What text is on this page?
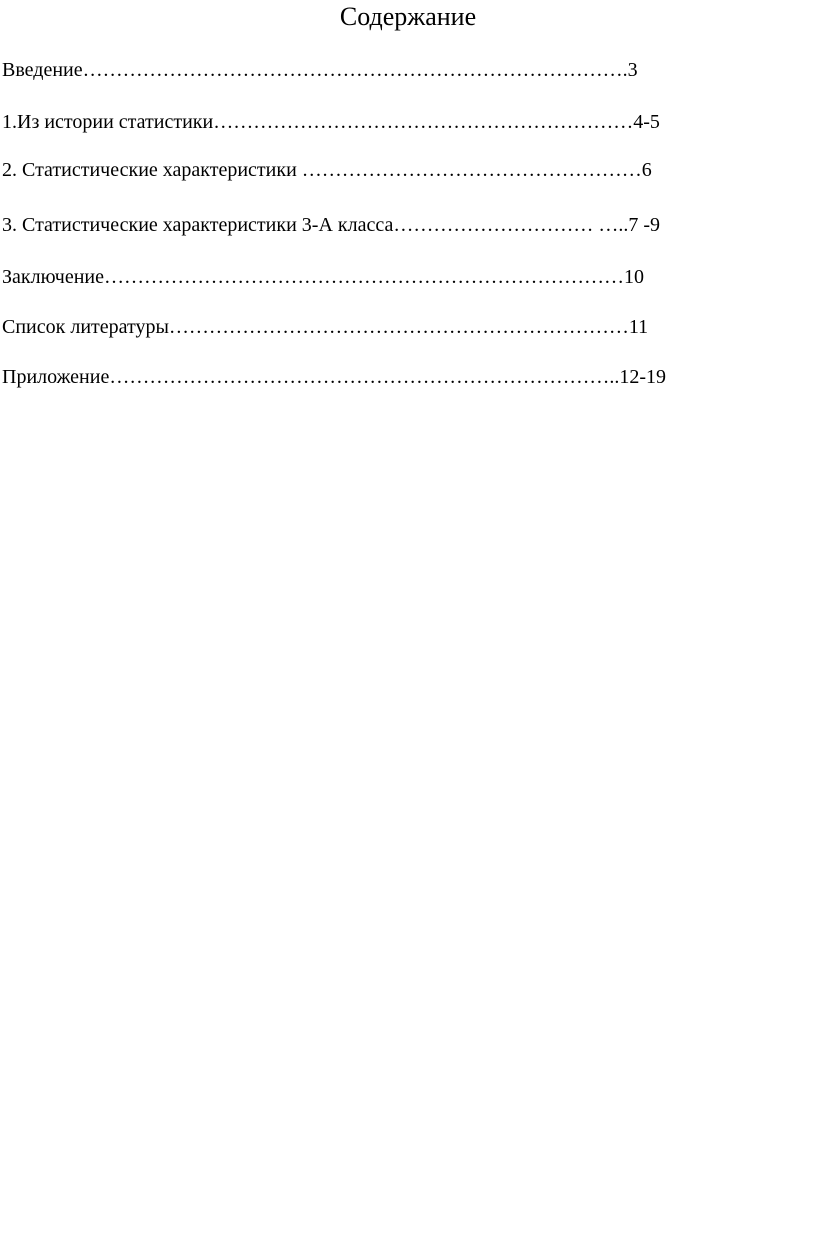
Содержание
Введение……………………………………………………………………….3
1.Из истории статистики………………………………………………………4-5
2. Статистические характеристики ……………………………………………6
3. Статистические характеристики 3-А класса………………………… …..7 -9
Заключение……………………………………………………………………10
Список литературы……………………………………………………………11
Приложение…………………………………………………………………..12-19
